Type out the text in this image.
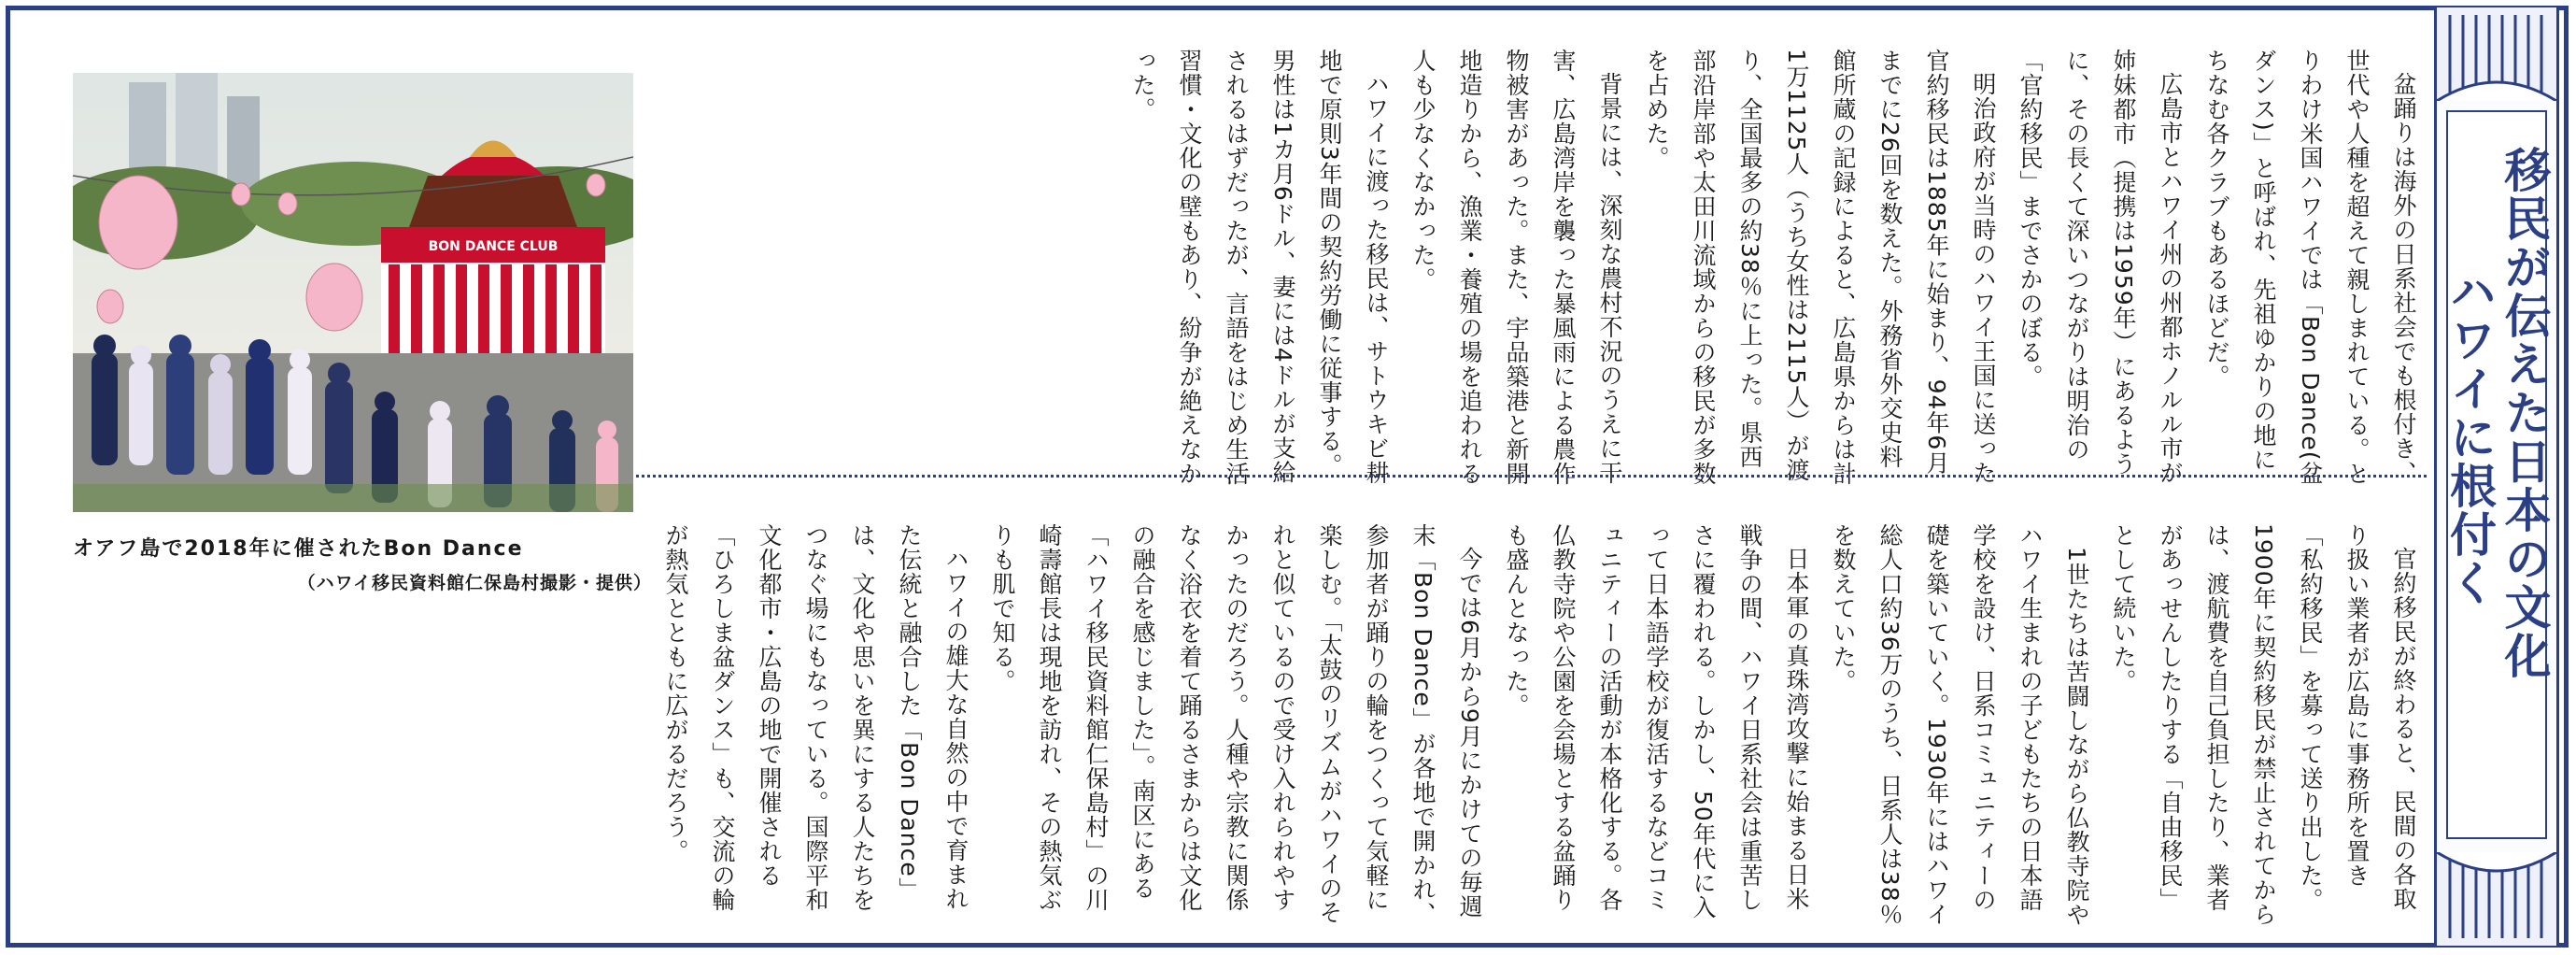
移民が伝えた日本の文化
ハワイに根付く

盆踊りは海外の日系社会でも根付き、世代や人種を超えて親しまれている。とりわけ米国ハワイでは「Bon Dance(盆ダンス)」と呼ばれ、先祖ゆかりの地にちなむ各クラブもあるほどだ。

広島市とハワイ州の州都ホノルル市が姉妹都市（提携は1959年）にあるように、その長くて深いつながりは明治の「官約移民」までさかのぼる。

明治政府が当時のハワイ王国に送った官約移民は1885年に始まり、94年6月までに26回を数えた。外務省外交史料館所蔵の記録によると、広島県からは計1万1125人（うち女性は2115人）が渡り、全国最多の約38％に上った。県西部沿岸部や太田川流域からの移民が多数を占めた。

背景には、深刻な農村不況のうえに干害、広島湾岸を襲った暴風雨による農作物被害があった。また、宇品築港と新開地造りから、漁業・養殖の場を追われる人も少なくなかった。

ハワイに渡った移民は、サトウキビ耕地で原則3年間の契約労働に従事する。男性は1カ月6ドル、妻には4ドルが支給されるはずだったが、言語をはじめ生活習慣・文化の壁もあり、紛争が絶えなかった。

官約移民が終わると、民間の各取り扱い業者が広島に事務所を置き「私約移民」を募って送り出した。1900年に契約移民が禁止されてからは、渡航費を自己負担したり、業者があっせんしたりする「自由移民」として続いた。

1世たちは苦闘しながら仏教寺院やハワイ生まれの子どもたちの日本語学校を設け、日系コミュニティーの礎を築いていく。1930年にはハワイ総人口約36万のうち、日系人は38％を数えていた。

日本軍の真珠湾攻撃に始まる日米戦争の間、ハワイ日系社会は重苦しさに覆われる。しかし、50年代に入って日本語学校が復活するなどコミュニティーの活動が本格化する。各仏教寺院や公園を会場とする盆踊りも盛んとなった。

今では6月から9月にかけての毎週末「Bon Dance」が各地で開かれ、参加者が踊りの輪をつくって気軽に楽しむ。「太鼓のリズムがハワイのそれと似ているので受け入れられやすかったのだろう。人種や宗教に関係なく浴衣を着て踊るさまからは文化の融合を感じました」。南区にある「ハワイ移民資料館仁保島村」の川崎壽館長は現地を訪れ、その熱気ぶりも肌で知る。

ハワイの雄大な自然の中で育まれた伝統と融合した「Bon Dance」は、文化や思いを異にする人たちをつなぐ場にもなっている。国際平和文化都市・広島の地で開催される「ひろしま盆ダンス」も、交流の輪が熱気とともに広がるだろう。

BON DANCE CLUB
オアフ島で2018年に催されたBon Dance
（ハワイ移民資料館仁保島村撮影・提供）
